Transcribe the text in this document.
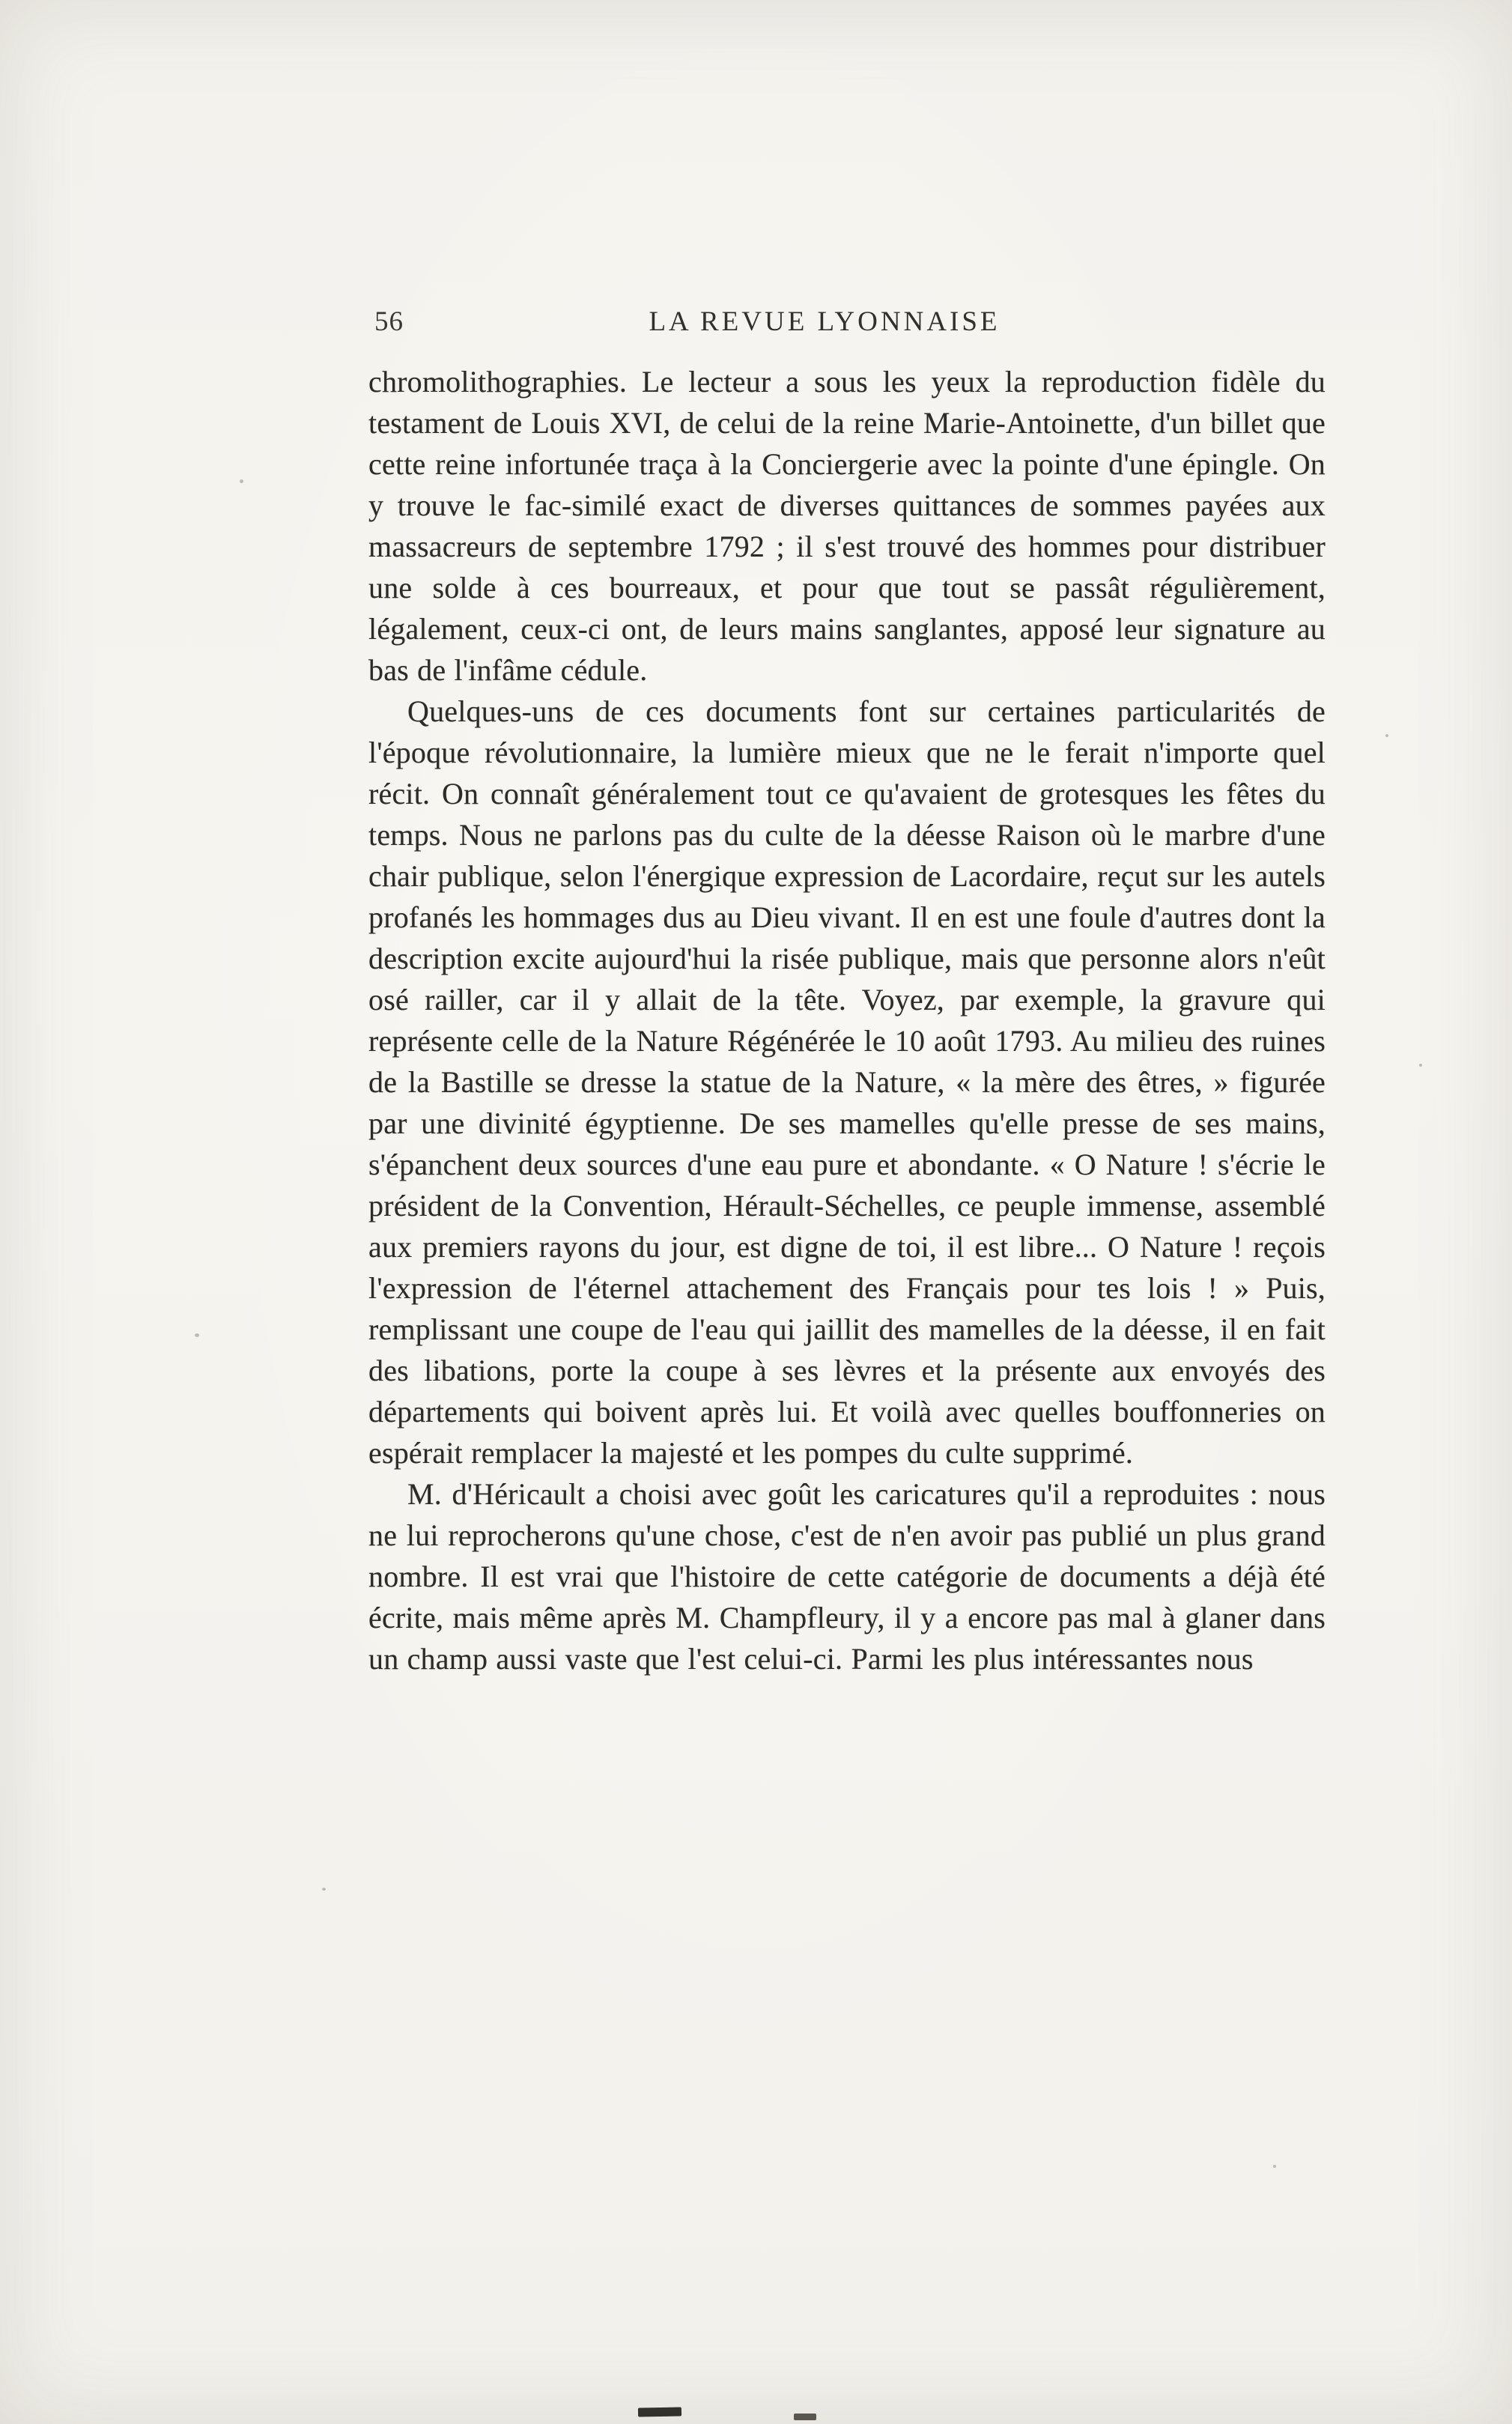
56	LA REVUE LYONNAISE

chromolithographies. Le lecteur a sous les yeux la reproduction fidèle du testament de Louis XVI, de celui de la reine Marie-Antoinette, d'un billet que cette reine infortunée traça à la Conciergerie avec la pointe d'une épingle. On y trouve le fac-similé exact de diverses quittances de sommes payées aux massacreurs de septembre 1792 ; il s'est trouvé des hommes pour distribuer une solde à ces bourreaux, et pour que tout se passât régulièrement, légalement, ceux-ci ont, de leurs mains sanglantes, apposé leur signature au bas de l'infâme cédule.

Quelques-uns de ces documents font sur certaines particularités de l'époque révolutionnaire, la lumière mieux que ne le ferait n'importe quel récit. On connaît généralement tout ce qu'avaient de grotesques les fêtes du temps. Nous ne parlons pas du culte de la déesse Raison où le marbre d'une chair publique, selon l'énergique expression de Lacordaire, reçut sur les autels profanés les hommages dus au Dieu vivant. Il en est une foule d'autres dont la description excite aujourd'hui la risée publique, mais que personne alors n'eût osé railler, car il y allait de la tête. Voyez, par exemple, la gravure qui représente celle de la Nature Régénérée le 10 août 1793. Au milieu des ruines de la Bastille se dresse la statue de la Nature, « la mère des êtres, » figurée par une divinité égyptienne. De ses mamelles qu'elle presse de ses mains, s'épanchent deux sources d'une eau pure et abondante. « O Nature ! s'écrie le président de la Convention, Hérault-Séchelles, ce peuple immense, assemblé aux premiers rayons du jour, est digne de toi, il est libre... O Nature ! reçois l'expression de l'éternel attachement des Français pour tes lois ! » Puis, remplissant une coupe de l'eau qui jaillit des mamelles de la déesse, il en fait des libations, porte la coupe à ses lèvres et la présente aux envoyés des départements qui boivent après lui. Et voilà avec quelles bouffonneries on espérait remplacer la majesté et les pompes du culte supprimé.

M. d'Héricault a choisi avec goût les caricatures qu'il a reproduites : nous ne lui reprocherons qu'une chose, c'est de n'en avoir pas publié un plus grand nombre. Il est vrai que l'histoire de cette catégorie de documents a déjà été écrite, mais même après M. Champfleury, il y a encore pas mal à glaner dans un champ aussi vaste que l'est celui-ci. Parmi les plus intéressantes nous
